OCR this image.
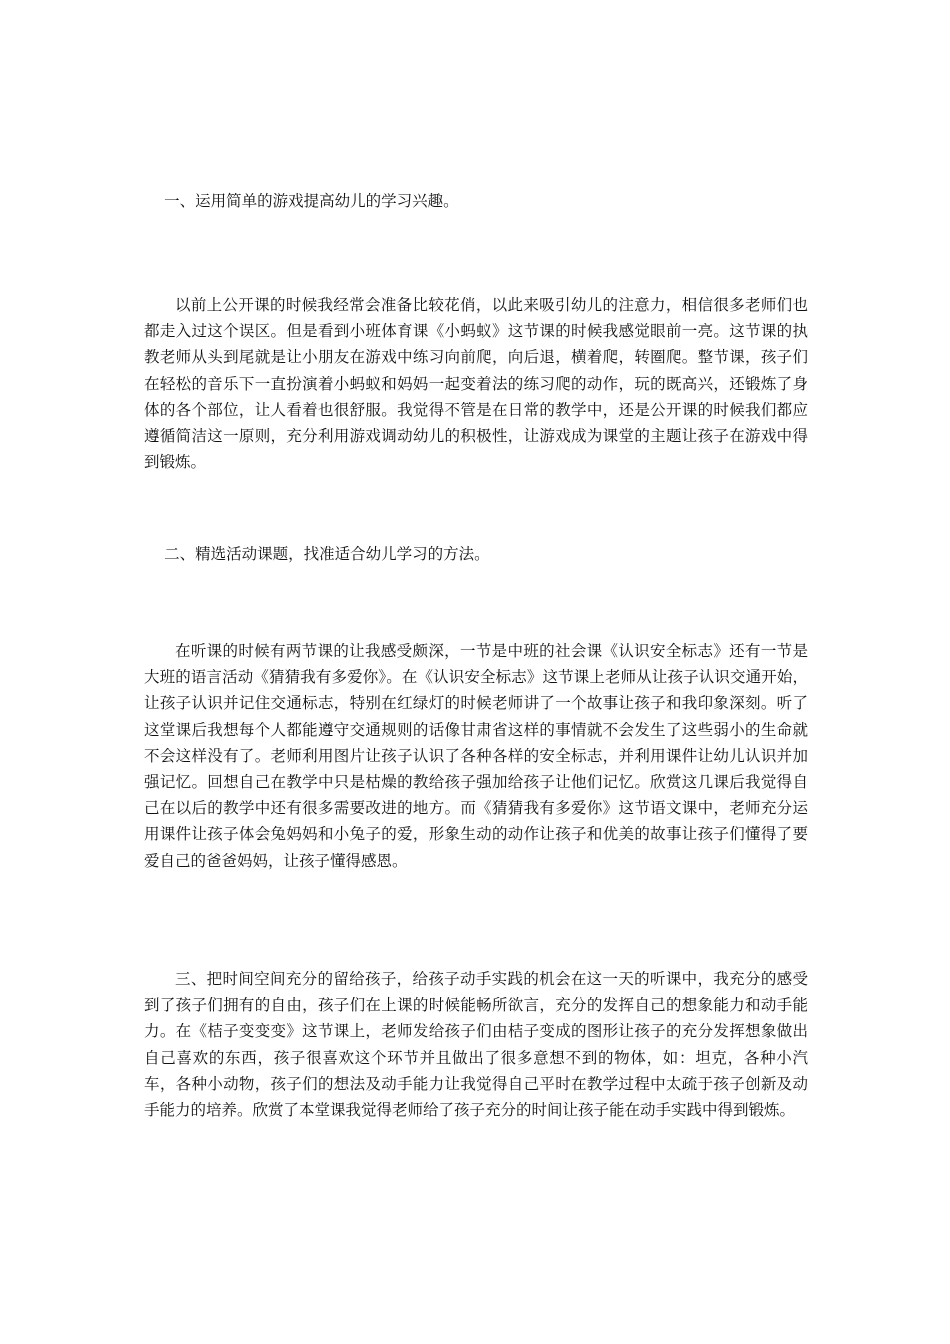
一、运用简单的游戏提高幼儿的学习兴趣。

以前上公开课的时候我经常会准备比较花俏，以此来吸引幼儿的注意力，相信很多老师们也都走入过这个误区。但是看到小班体育课《小蚂蚁》这节课的时候我感觉眼前一亮。这节课的执教老师从头到尾就是让小朋友在游戏中练习向前爬，向后退，横着爬，转圈爬。整节课，孩子们在轻松的音乐下一直扮演着小蚂蚁和妈妈一起变着法的练习爬的动作，玩的既高兴，还锻炼了身体的各个部位，让人看着也很舒服。我觉得不管是在日常的教学中，还是公开课的时候我们都应遵循简洁这一原则，充分利用游戏调动幼儿的积极性，让游戏成为课堂的主题让孩子在游戏中得到锻炼。

二、精选活动课题，找准适合幼儿学习的方法。

在听课的时候有两节课的让我感受颇深，一节是中班的社会课《认识安全标志》还有一节是大班的语言活动《猜猜我有多爱你》。在《认识安全标志》这节课上老师从让孩子认识交通开始，让孩子认识并记住交通标志，特别在红绿灯的时候老师讲了一个故事让孩子和我印象深刻。听了这堂课后我想每个人都能遵守交通规则的话像甘肃省这样的事情就不会发生了这些弱小的生命就不会这样没有了。老师利用图片让孩子认识了各种各样的安全标志，并利用课件让幼儿认识并加强记忆。回想自己在教学中只是枯燥的教给孩子强加给孩子让他们记忆。欣赏这几课后我觉得自己在以后的教学中还有很多需要改进的地方。而《猜猜我有多爱你》这节语文课中，老师充分运用课件让孩子体会兔妈妈和小兔子的爱，形象生动的动作让孩子和优美的故事让孩子们懂得了要爱自己的爸爸妈妈，让孩子懂得感恩。

三、把时间空间充分的留给孩子，给孩子动手实践的机会在这一天的听课中，我充分的感受到了孩子们拥有的自由，孩子们在上课的时候能畅所欲言，充分的发挥自己的想象能力和动手能力。在《桔子变变变》这节课上，老师发给孩子们由桔子变成的图形让孩子的充分发挥想象做出自己喜欢的东西，孩子很喜欢这个环节并且做出了很多意想不到的物体，如：坦克，各种小汽车，各种小动物，孩子们的想法及动手能力让我觉得自己平时在教学过程中太疏于孩子创新及动手能力的培养。欣赏了本堂课我觉得老师给了孩子充分的时间让孩子能在动手实践中得到锻炼。
